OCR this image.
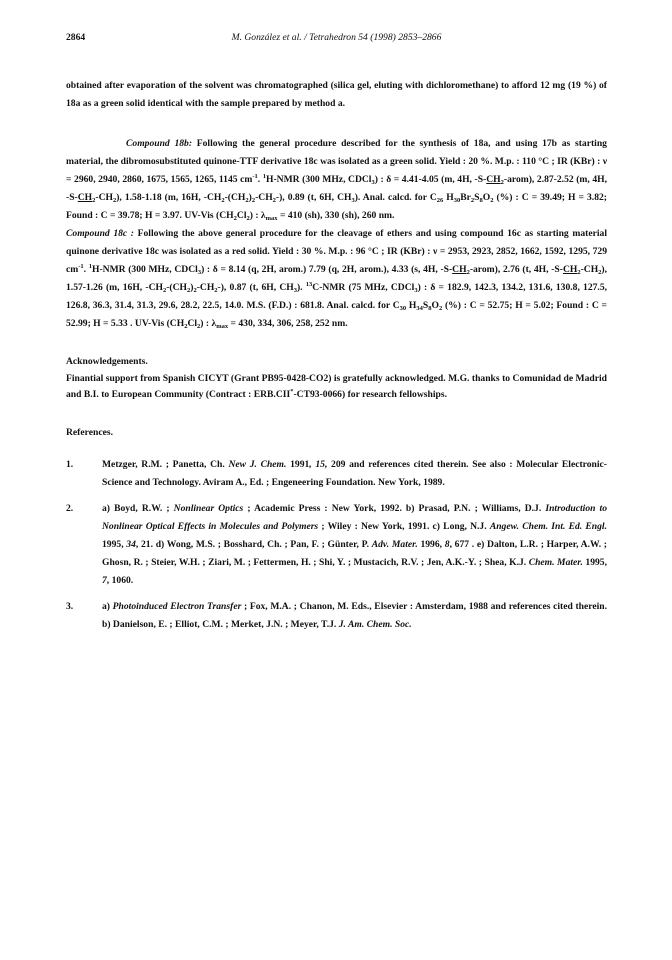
2864	M. González et al. / Tetrahedron 54 (1998) 2853–2866

obtained after evaporation of the solvent was chromatographed (silica gel, eluting with dichloromethane) to afford 12 mg (19 %) of 18a as a green solid identical with the sample prepared by method a.

Compound 18b: Following the general procedure described for the synthesis of 18a, and using 17b as starting material, the dibromosubstituted quinone-TTF derivative 18c was isolated as a green solid. Yield : 20 %. M.p. : 110 °C ; IR (KBr) : ν = 2960, 2940, 2860, 1675, 1565, 1265, 1145 $cm^{-1}$. $^1$H-NMR (300 MHz, CDCl$_3$) : δ = 4.41-4.05 (m, 4H, $-S-CH_2-arom$), 2.87-2.52 (m, 4H, $-S-CH_2-CH_2$), 1.58-1.18 (m, 16H, $-CH_2-(CH_2)_2-CH_2-$), 0.89 (t, 6H, $CH_3$). Anal. calcd. for $C_{26}$ $H_{30}Br_2S_8O_2$ (%) : C = 39.49; H = 3.82; Found : C = 39.78; H = 3.97. UV-Vis $(CH_2Cl_2)$ : $\lambda_{max} = 410$ (sh), 330 (sh), 260 nm.

Compound 18c : Following the above general procedure for the cleavage of ethers and using compound 16c as starting material quinone derivative 18c was isolated as a red solid. Yield : 30 %. M.p. : 96 °C ; IR (KBr) : ν = 2953, 2923, 2852, 1662, 1592, 1295, 729 $cm^{-1}$. $^1$H-NMR (300 MHz, CDCl$_3$) : δ = 8.14 (q, 2H, arom.) 7.79 (q, 2H, arom.), 4.33 (s, 4H, $-S-CH_2-arom$), 2.76 (t, 4H, $-S-CH_2-CH_2$), 1.57-1.26 (m, 16H, $-CH_2-(CH_2)_2-CH_2-$), 0.87 (t, 6H, $CH_3$). $^{13}$C-NMR (75 MHz, CDCl$_3$) : δ = 182.9, 142.3, 134.2, 131.6, 130.8, 127.5, 126.8, 36.3, 31.4, 31.3, 29.6, 28.2, 22.5, 14.0. M.S. (F.D.) : 681.8. Anal. calcd. for $C_{30}$ $H_{34}S_8O_2$ (%) : C = 52.75; H = 5.02; Found : C = 52.99; H = 5.33 . UV-Vis $(CH_2Cl_2)$ : $\lambda_{max} = 430$, 334, 306, 258, 252 nm.

Acknowledgements.

Finantial support from Spanish CICYT (Grant PB95-0428-CO2) is gratefully acknowledged. M.G. thanks to Comunidad de Madrid and B.I. to European Community (Contract : ERB.CII*-CT93-0066) for research fellowships.

References.

1.	Metzger, R.M. ; Panetta, Ch. New J. Chem. 1991, 15, 209 and references cited therein. See also : Molecular Electronic-Science and Technology. Aviram A., Ed. ; Engeneering Foundation. New York, 1989.
2.	a) Boyd, R.W. ; Nonlinear Optics ; Academic Press : New York, 1992. b) Prasad, P.N. ; Williams, D.J. Introduction to Nonlinear Optical Effects in Molecules and Polymers ; Wiley : New York, 1991. c) Long, N.J. Angew. Chem. Int. Ed. Engl. 1995, 34, 21. d) Wong, M.S. ; Bosshard, Ch. ; Pan, F. ; Günter, P. Adv. Mater. 1996, 8, 677 . e) Dalton, L.R. ; Harper, A.W. ; Ghosn, R. ; Steier, W.H. ; Ziari, M. ; Fettermen, H. ; Shi, Y. ; Mustacich, R.V. ; Jen, A.K.-Y. ; Shea, K.J. Chem. Mater. 1995, 7, 1060.
3.	a) Photoinduced Electron Transfer ; Fox, M.A. ; Chanon, M. Eds., Elsevier : Amsterdam, 1988 and references cited therein. b) Danielson, E. ; Elliot, C.M. ; Merket, J.N. ; Meyer, T.J. J. Am. Chem. Soc.
